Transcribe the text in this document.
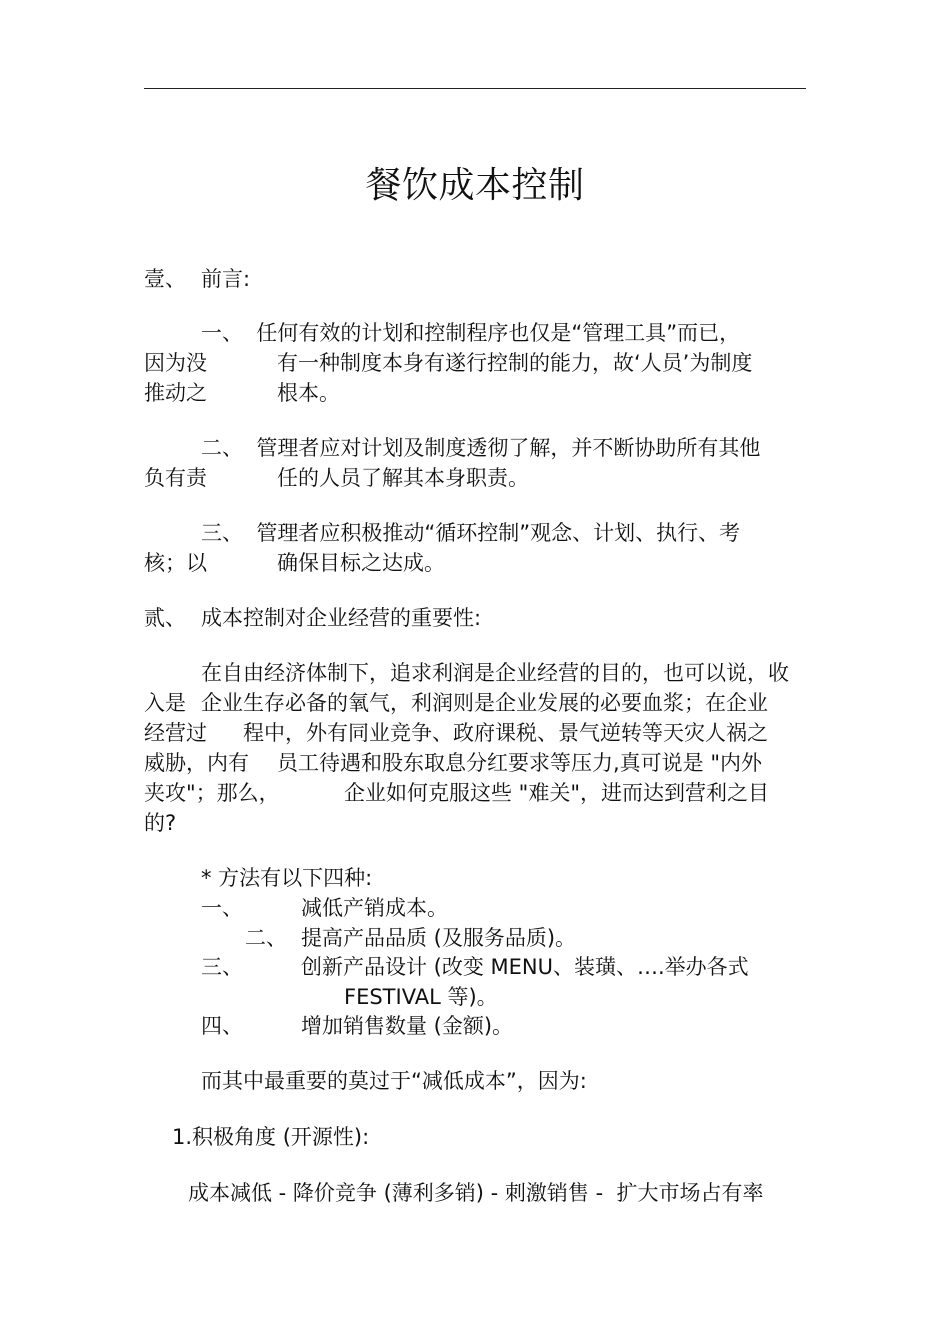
餐饮成本控制
壹、 前言:
一、  任何有效的计划和控制程序也仅是“管理工具”而已，
因为没	有一种制度本身有遂行控制的能力，故‘人员’为制度
推动之	根本。
二、  管理者应对计划及制度透彻了解，并不断协助所有其他
负有责	任的人员了解其本身职责。
三、  管理者应积极推动“循环控制”观念、计划、执行、考
核；以	确保目标之达成。
贰、 成本控制对企业经营的重要性:
在自由经济体制下，追求利润是企业经营的目的，也可以说，收
入是 企业生存必备的氧气，利润则是企业发展的必要血浆；在企业
经营过 程中，外有同业竞争、政府课税、景气逆转等天灾人祸之
威胁，内有 员工待遇和股东取息分红要求等压力,真可说是 "内外
夹攻"；那么，	企业如何克服这些 "难关"，进而达到营利之目
的?
* 方法有以下四种:
一、	减低产销成本。
二、 提高产品品质 (及服务品质)。
三、	创新产品设计 (改变 MENU、装璜、….举办各式
FESTIVAL 等)。
四、	增加销售数量 (金额)。
而其中最重要的莫过于“减低成本”，因为:
1.积极角度 (开源性):
成本减低 - 降价竞争 (薄利多销) - 刺激销售 -  扩大市场占有率
